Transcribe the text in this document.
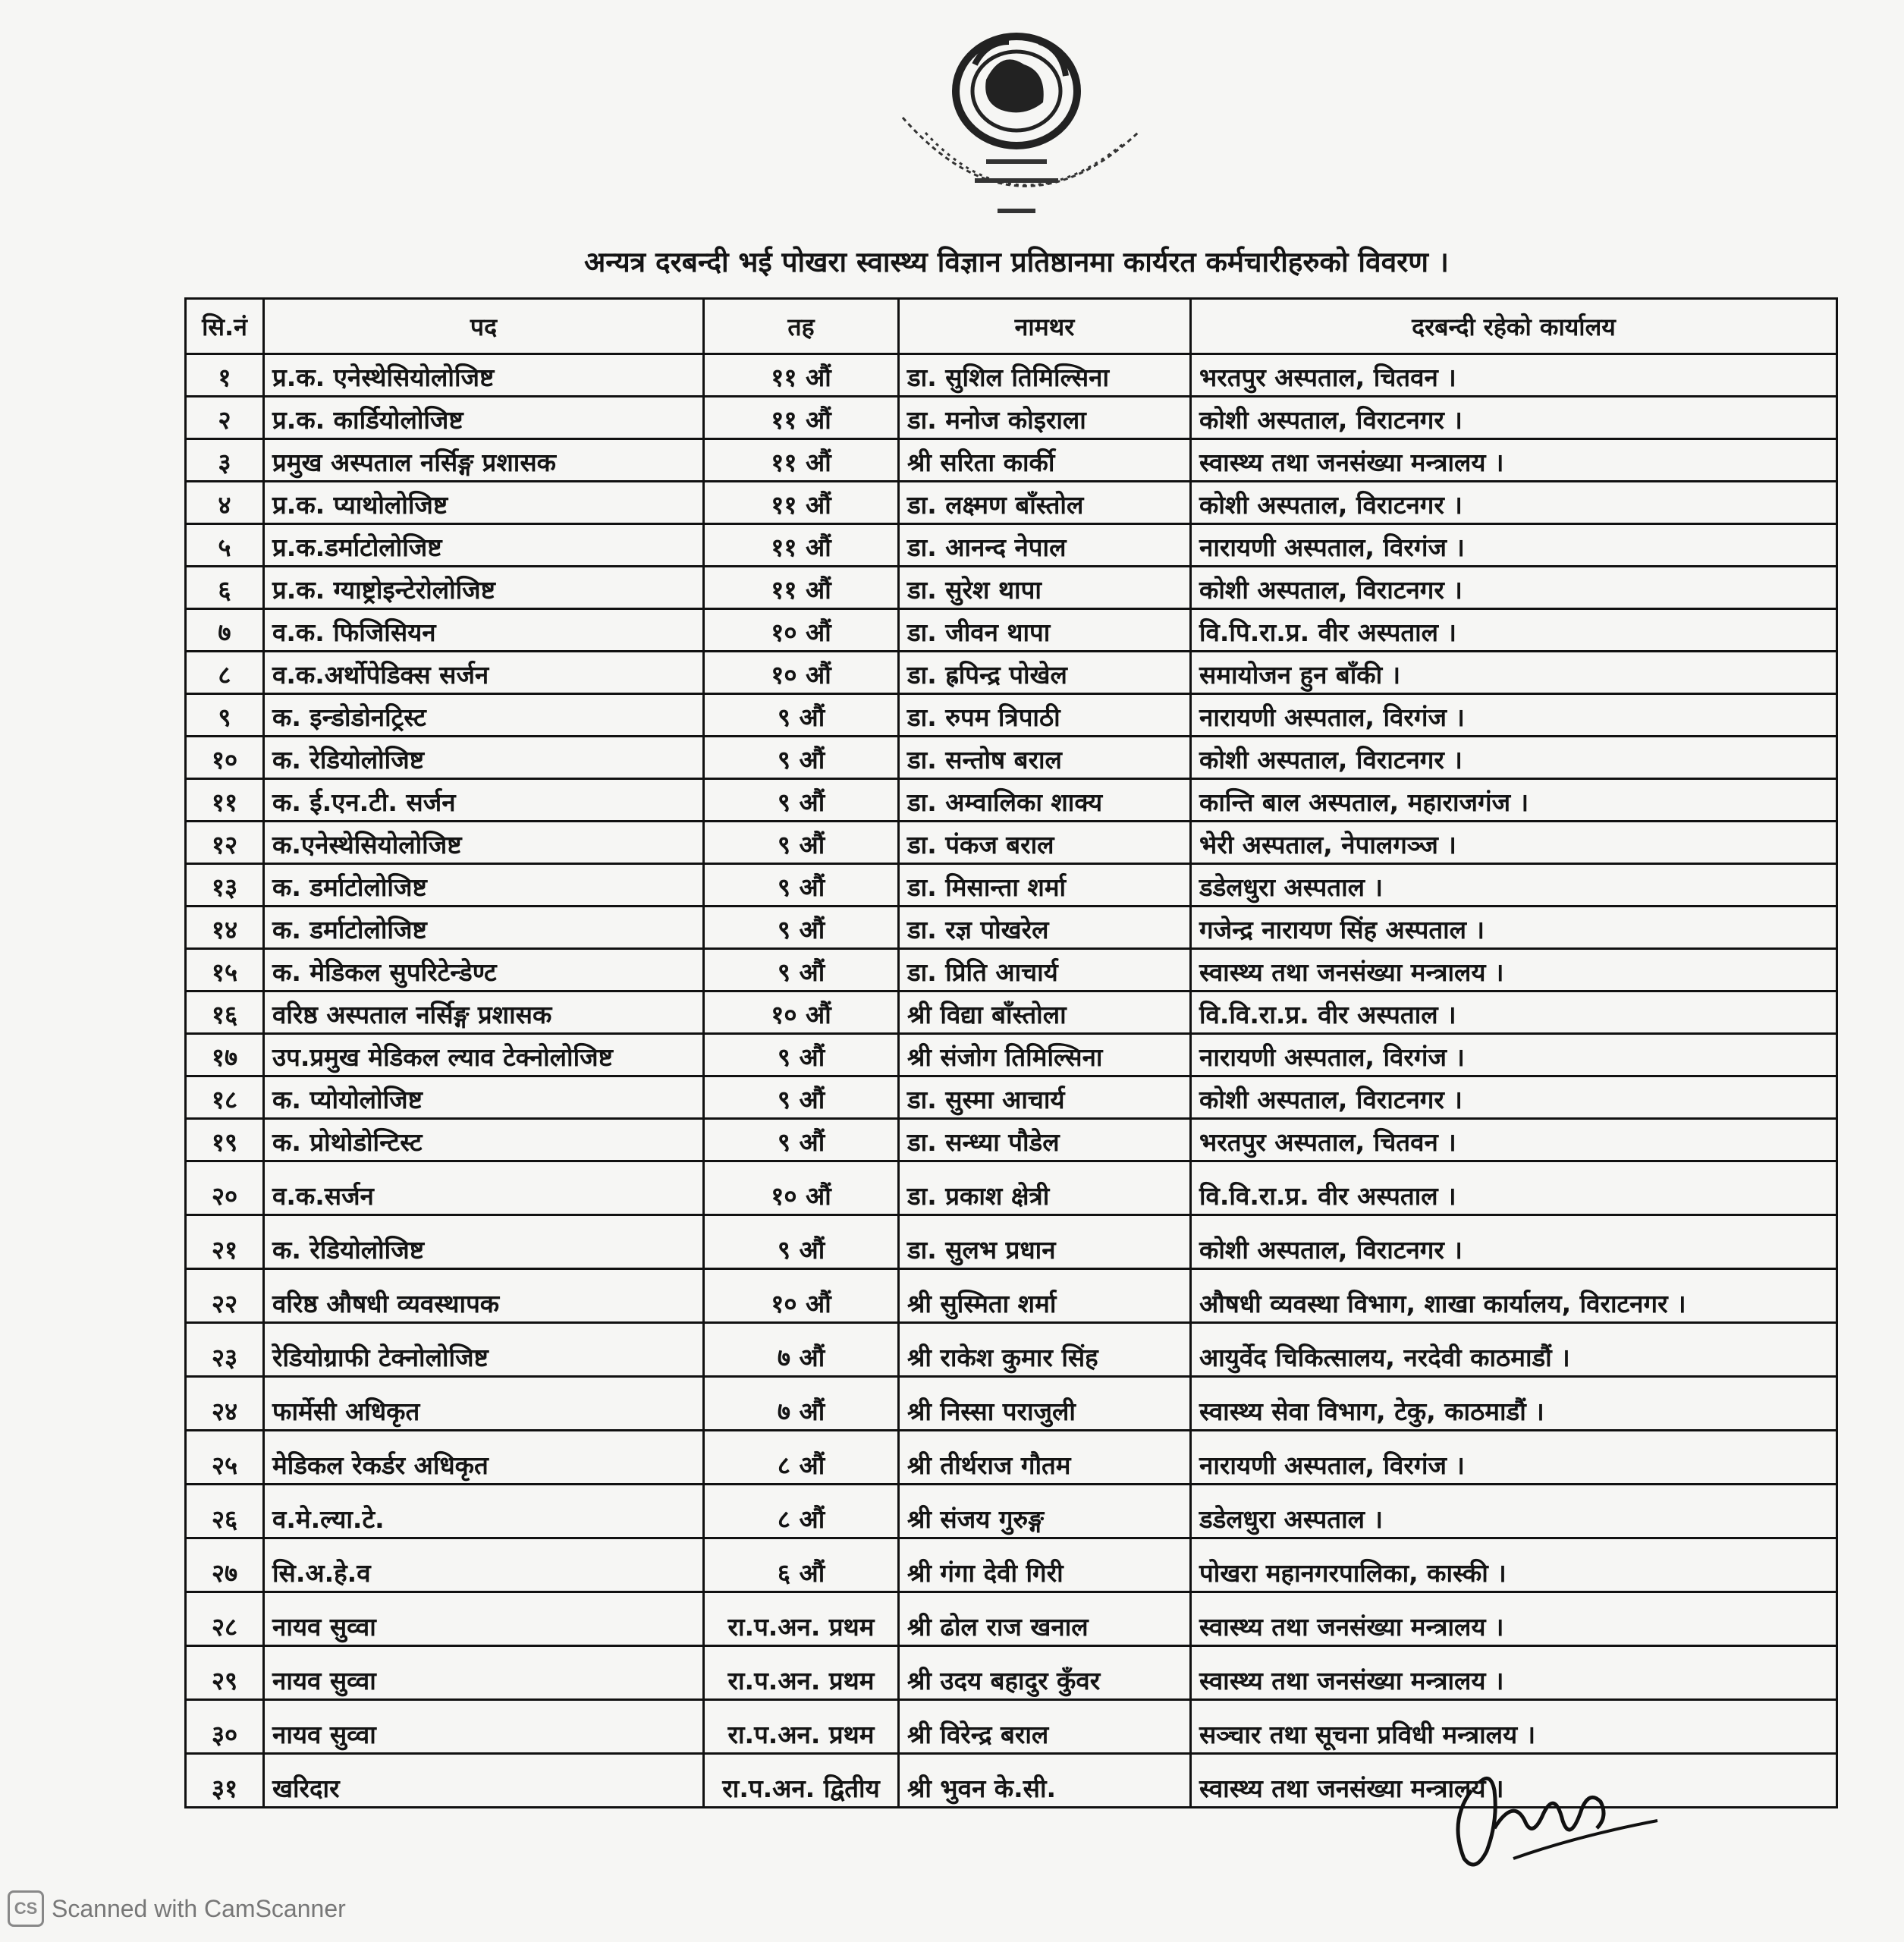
अन्यत्र दरबन्दी भई पोखरा स्वास्थ्य विज्ञान प्रतिष्ठानमा कार्यरत कर्मचारीहरुको विवरण ।
सि.नं	पद	तह	नामथर	दरबन्दी रहेको कार्यालय
१	प्र.क. एनेस्थेसियोलोजिष्ट	११ औं	डा. सुशिल तिमिल्सिना	भरतपुर अस्पताल, चितवन ।
२	प्र.क. कार्डियोलोजिष्ट	११ औं	डा. मनोज कोइराला	कोशी अस्पताल, विराटनगर ।
३	प्रमुख अस्पताल नर्सिङ्ग प्रशासक	११ औं	श्री सरिता कार्की	स्वास्थ्य तथा जनसंख्या मन्त्रालय ।
४	प्र.क. प्याथोलोजिष्ट	११ औं	डा. लक्ष्मण बाँस्तोल	कोशी अस्पताल, विराटनगर ।
५	प्र.क.डर्माटोलोजिष्ट	११ औं	डा. आनन्द नेपाल	नारायणी अस्पताल, विरगंज ।
६	प्र.क. ग्याष्ट्रोइन्टेरोलोजिष्ट	११ औं	डा. सुरेश थापा	कोशी अस्पताल, विराटनगर ।
७	व.क. फिजिसियन	१० औं	डा. जीवन थापा	वि.पि.रा.प्र. वीर अस्पताल ।
८	व.क.अर्थोपेडिक्स सर्जन	१० औं	डा. ह्रपिन्द्र पोखेल	समायोजन हुन बाँकी ।
९	क. इन्डोडोनट्रिस्ट	९ औं	डा. रुपम त्रिपाठी	नारायणी अस्पताल, विरगंज ।
१०	क. रेडियोलोजिष्ट	९ औं	डा. सन्तोष बराल	कोशी अस्पताल, विराटनगर ।
११	क. ई.एन.टी. सर्जन	९ औं	डा. अम्वालिका शाक्य	कान्ति बाल अस्पताल, महाराजगंज ।
१२	क.एनेस्थेसियोलोजिष्ट	९ औं	डा. पंकज बराल	भेरी अस्पताल, नेपालगञ्ज ।
१३	क. डर्माटोलोजिष्ट	९ औं	डा. मिसान्ता शर्मा	डडेलधुरा अस्पताल ।
१४	क. डर्माटोलोजिष्ट	९ औं	डा. रज्ञ पोखरेल	गजेन्द्र नारायण सिंह अस्पताल ।
१५	क. मेडिकल सुपरिटेन्डेण्ट	९ औं	डा. प्रिति आचार्य	स्वास्थ्य तथा जनसंख्या मन्त्रालय ।
१६	वरिष्ठ अस्पताल नर्सिङ्ग प्रशासक	१० औं	श्री विद्या बाँस्तोला	वि.वि.रा.प्र. वीर अस्पताल ।
१७	उप.प्रमुख मेडिकल ल्याव टेक्नोलोजिष्ट	९ औं	श्री संजोग तिमिल्सिना	नारायणी अस्पताल, विरगंज ।
१८	क. प्योयोलोजिष्ट	९ औं	डा. सुस्मा आचार्य	कोशी अस्पताल, विराटनगर ।
१९	क. प्रोथोडोन्टिस्ट	९ औं	डा. सन्ध्या पौडेल	भरतपुर अस्पताल, चितवन ।
२०	व.क.सर्जन	१० औं	डा. प्रकाश क्षेत्री	वि.वि.रा.प्र. वीर अस्पताल ।
२१	क. रेडियोलोजिष्ट	९ औं	डा. सुलभ प्रधान	कोशी अस्पताल, विराटनगर ।
२२	वरिष्ठ औषधी व्यवस्थापक	१० औं	श्री सुस्मिता शर्मा	औषधी व्यवस्था विभाग, शाखा कार्यालय, विराटनगर ।
२३	रेडियोग्राफी टेक्नोलोजिष्ट	७ औं	श्री राकेश कुमार सिंह	आयुर्वेद चिकित्सालय, नरदेवी काठमाडौं ।
२४	फार्मेसी अधिकृत	७ औं	श्री निस्सा पराजुली	स्वास्थ्य सेवा विभाग, टेकु, काठमाडौं ।
२५	मेडिकल रेकर्डर अधिकृत	८ औं	श्री तीर्थराज गौतम	नारायणी अस्पताल, विरगंज ।
२६	व.मे.ल्या.टे.	८ औं	श्री संजय गुरुङ्ग	डडेलधुरा अस्पताल ।
२७	सि.अ.हे.व	६ औं	श्री गंगा देवी गिरी	पोखरा महानगरपालिका, कास्की ।
२८	नायव सुव्वा	रा.प.अन. प्रथम	श्री ढोल राज खनाल	स्वास्थ्य तथा जनसंख्या मन्त्रालय ।
२९	नायव सुव्वा	रा.प.अन. प्रथम	श्री उदय बहादुर कुँवर	स्वास्थ्य तथा जनसंख्या मन्त्रालय ।
३०	नायव सुव्वा	रा.प.अन. प्रथम	श्री विरेन्द्र बराल	सञ्चार तथा सूचना प्रविधी मन्त्रालय ।
३१	खरिदार	रा.प.अन. द्वितीय	श्री भुवन के.सी.	स्वास्थ्य तथा जनसंख्या मन्त्रालय ।
CS Scanned with CamScanner
